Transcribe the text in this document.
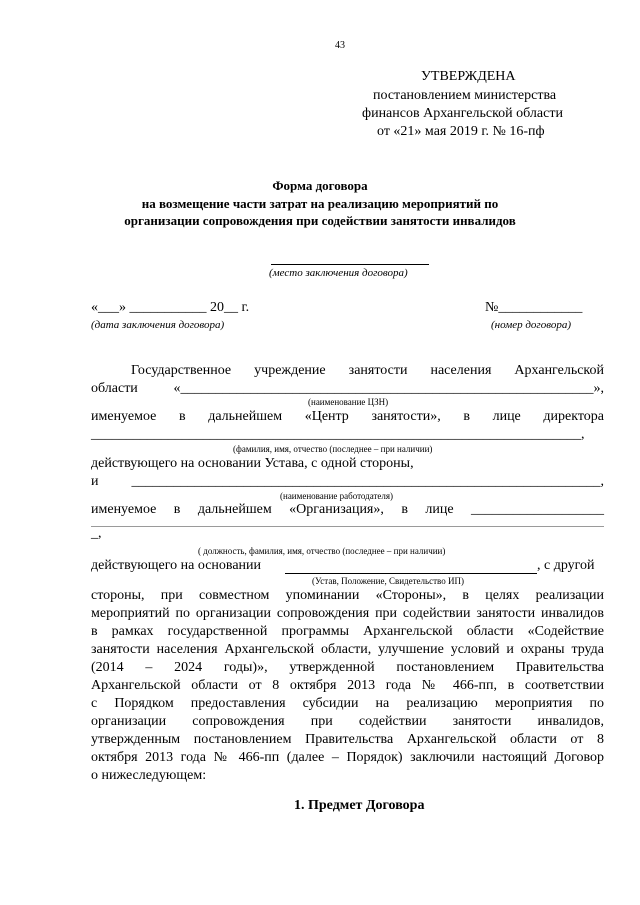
43
УТВЕРЖДЕНА
постановлением министерства
финансов Архангельской области
от «21» мая 2019 г. № 16-пф
Форма договора
на возмещение части затрат на реализацию мероприятий по
организации сопровождения при содействии занятости инвалидов
(место заключения договора)
«___» ___________ 20__ г.	№____________
(дата заключения договора)	(номер договора)
Государственное учреждение занятости населения Архангельской
области «___________________________________________________________»,
(наименование ЦЗН)
именуемое в дальнейшем «Центр занятости», в лице директора
______________________________________________________________________,
(фамилия, имя, отчество (последнее – при наличии)
действующего на основании Устава, с одной стороны,
и ___________________________________________________________________,
(наименование работодателя)
именуемое в дальнейшем «Организация», в лице ___________________
_,
( должность, фамилия, имя, отчество (последнее – при наличии)
действующего на основании	, с другой
(Устав, Положение, Свидетельство ИП)
стороны, при совместном упоминании «Стороны», в целях реализации
мероприятий по организации сопровождения при содействии занятости инвалидов
в рамках государственной программы Архангельской области «Содействие
занятости населения Архангельской области, улучшение условий и охраны труда
(2014 – 2024 годы)», утвержденной постановлением Правительства
Архангельской области от 8 октября 2013 года № 466-пп, в соответствии
с Порядком предоставления субсидии на реализацию мероприятия по
организации сопровождения при содействии занятости инвалидов,
утвержденным постановлением Правительства Архангельской области от 8
октября 2013 года № 466-пп (далее – Порядок) заключили настоящий Договор
о нижеследующем:
1. Предмет Договора
